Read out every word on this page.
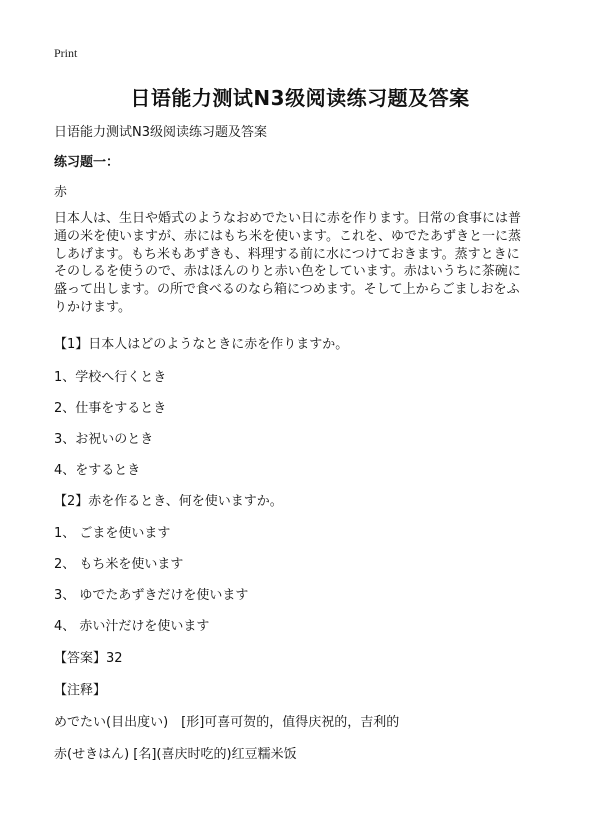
Print
日语能力测试N3级阅读练习题及答案
日语能力测试N3级阅读练习题及答案
练习题一：
赤
日本人は、生日や婚式のようなおめでたい日に赤を作ります。日常の食事には普
通の米を使いますが、赤にはもち米を使います。これを、ゆでたあずきと一に蒸
しあげます。もち米もあずきも、料理する前に水につけておきます。蒸すときに
そのしるを使うので、赤はほんのりと赤い色をしています。赤はいうちに茶碗に
盛って出します。の所で食べるのなら箱につめます。そして上からごましおをふ
りかけます。
【1】日本人はどのようなときに赤を作りますか。
1、学校へ行くとき
2、仕事をするとき
3、お祝いのとき
4、をするとき
【2】赤を作るとき、何を使いますか。
1、 ごまを使います
2、 もち米を使います
3、 ゆでたあずきだけを使います
4、 赤い汁だけを使います
【答案】32
【注释】
めでたい(目出度い)　[形]可喜可贺的，值得庆祝的，吉利的
赤(せきはん) [名](喜庆时吃的)红豆糯米饭
